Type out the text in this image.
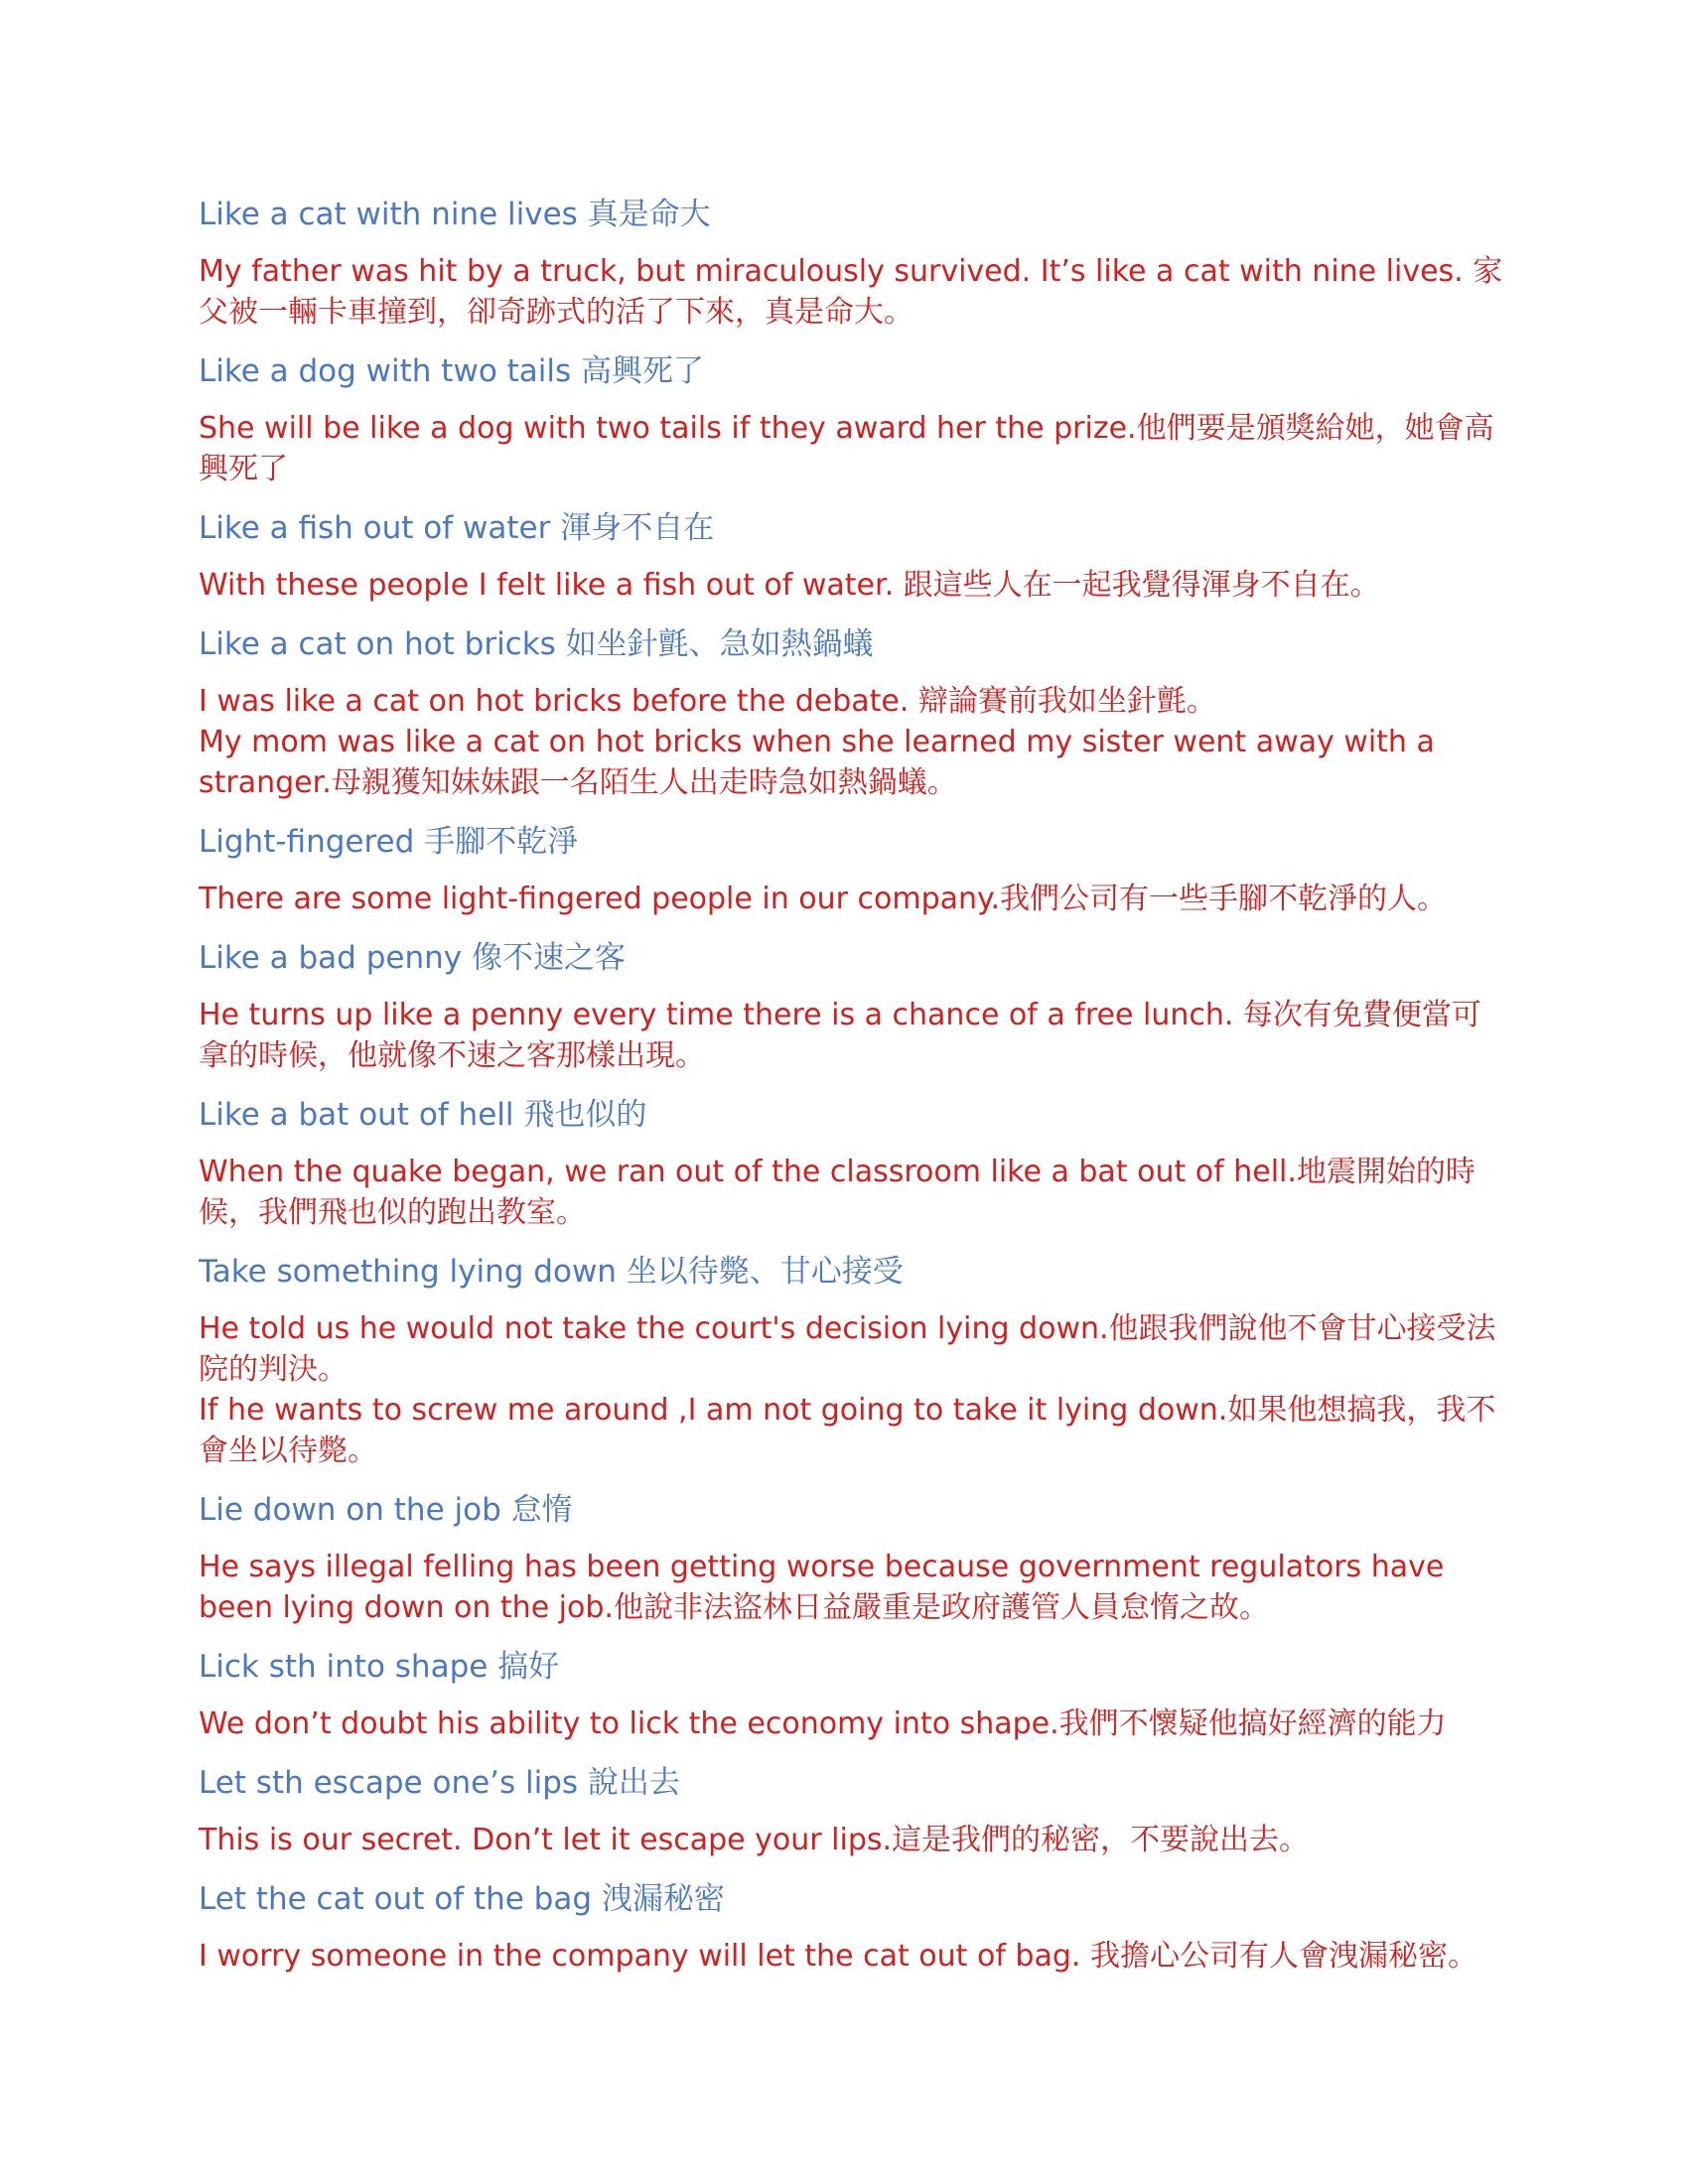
Like a cat with nine lives 真是命大

My father was hit by a truck, but miraculously survived. It’s like a cat with nine lives. 家父被一輛卡車撞到，卻奇跡式的活了下來，真是命大。

Like a dog with two tails 高興死了

She will be like a dog with two tails if they award her the prize.他們要是頒獎給她，她會高興死了

Like a fish out of water 渾身不自在

With these people I felt like a fish out of water. 跟這些人在一起我覺得渾身不自在。

Like a cat on hot bricks 如坐針氈、急如熱鍋蟻

I was like a cat on hot bricks before the debate. 辯論賽前我如坐針氈。

My mom was like a cat on hot bricks when she learned my sister went away with a stranger.母親獲知妹妹跟一名陌生人出走時急如熱鍋蟻。

Light-fingered 手腳不乾淨

There are some light-fingered people in our company.我們公司有一些手腳不乾淨的人。

Like a bad penny 像不速之客

He turns up like a penny every time there is a chance of a free lunch. 每次有免費便當可拿的時候，他就像不速之客那樣出現。

Like a bat out of hell 飛也似的

When the quake began, we ran out of the classroom like a bat out of hell.地震開始的時候，我們飛也似的跑出教室。

Take something lying down 坐以待斃、甘心接受

He told us he would not take the court's decision lying down.他跟我們說他不會甘心接受法院的判決。

If he wants to screw me around ,I am not going to take it lying down.如果他想搞我，我不會坐以待斃。

Lie down on the job 怠惰

He says illegal felling has been getting worse because government regulators have been lying down on the job.他說非法盜林日益嚴重是政府護管人員怠惰之故。

Lick sth into shape 搞好

We don’t doubt his ability to lick the economy into shape.我們不懷疑他搞好經濟的能力

Let sth escape one’s lips 說出去

This is our secret. Don’t let it escape your lips.這是我們的秘密，不要說出去。

Let the cat out of the bag 洩漏秘密

I worry someone in the company will let the cat out of bag. 我擔心公司有人會洩漏秘密。
